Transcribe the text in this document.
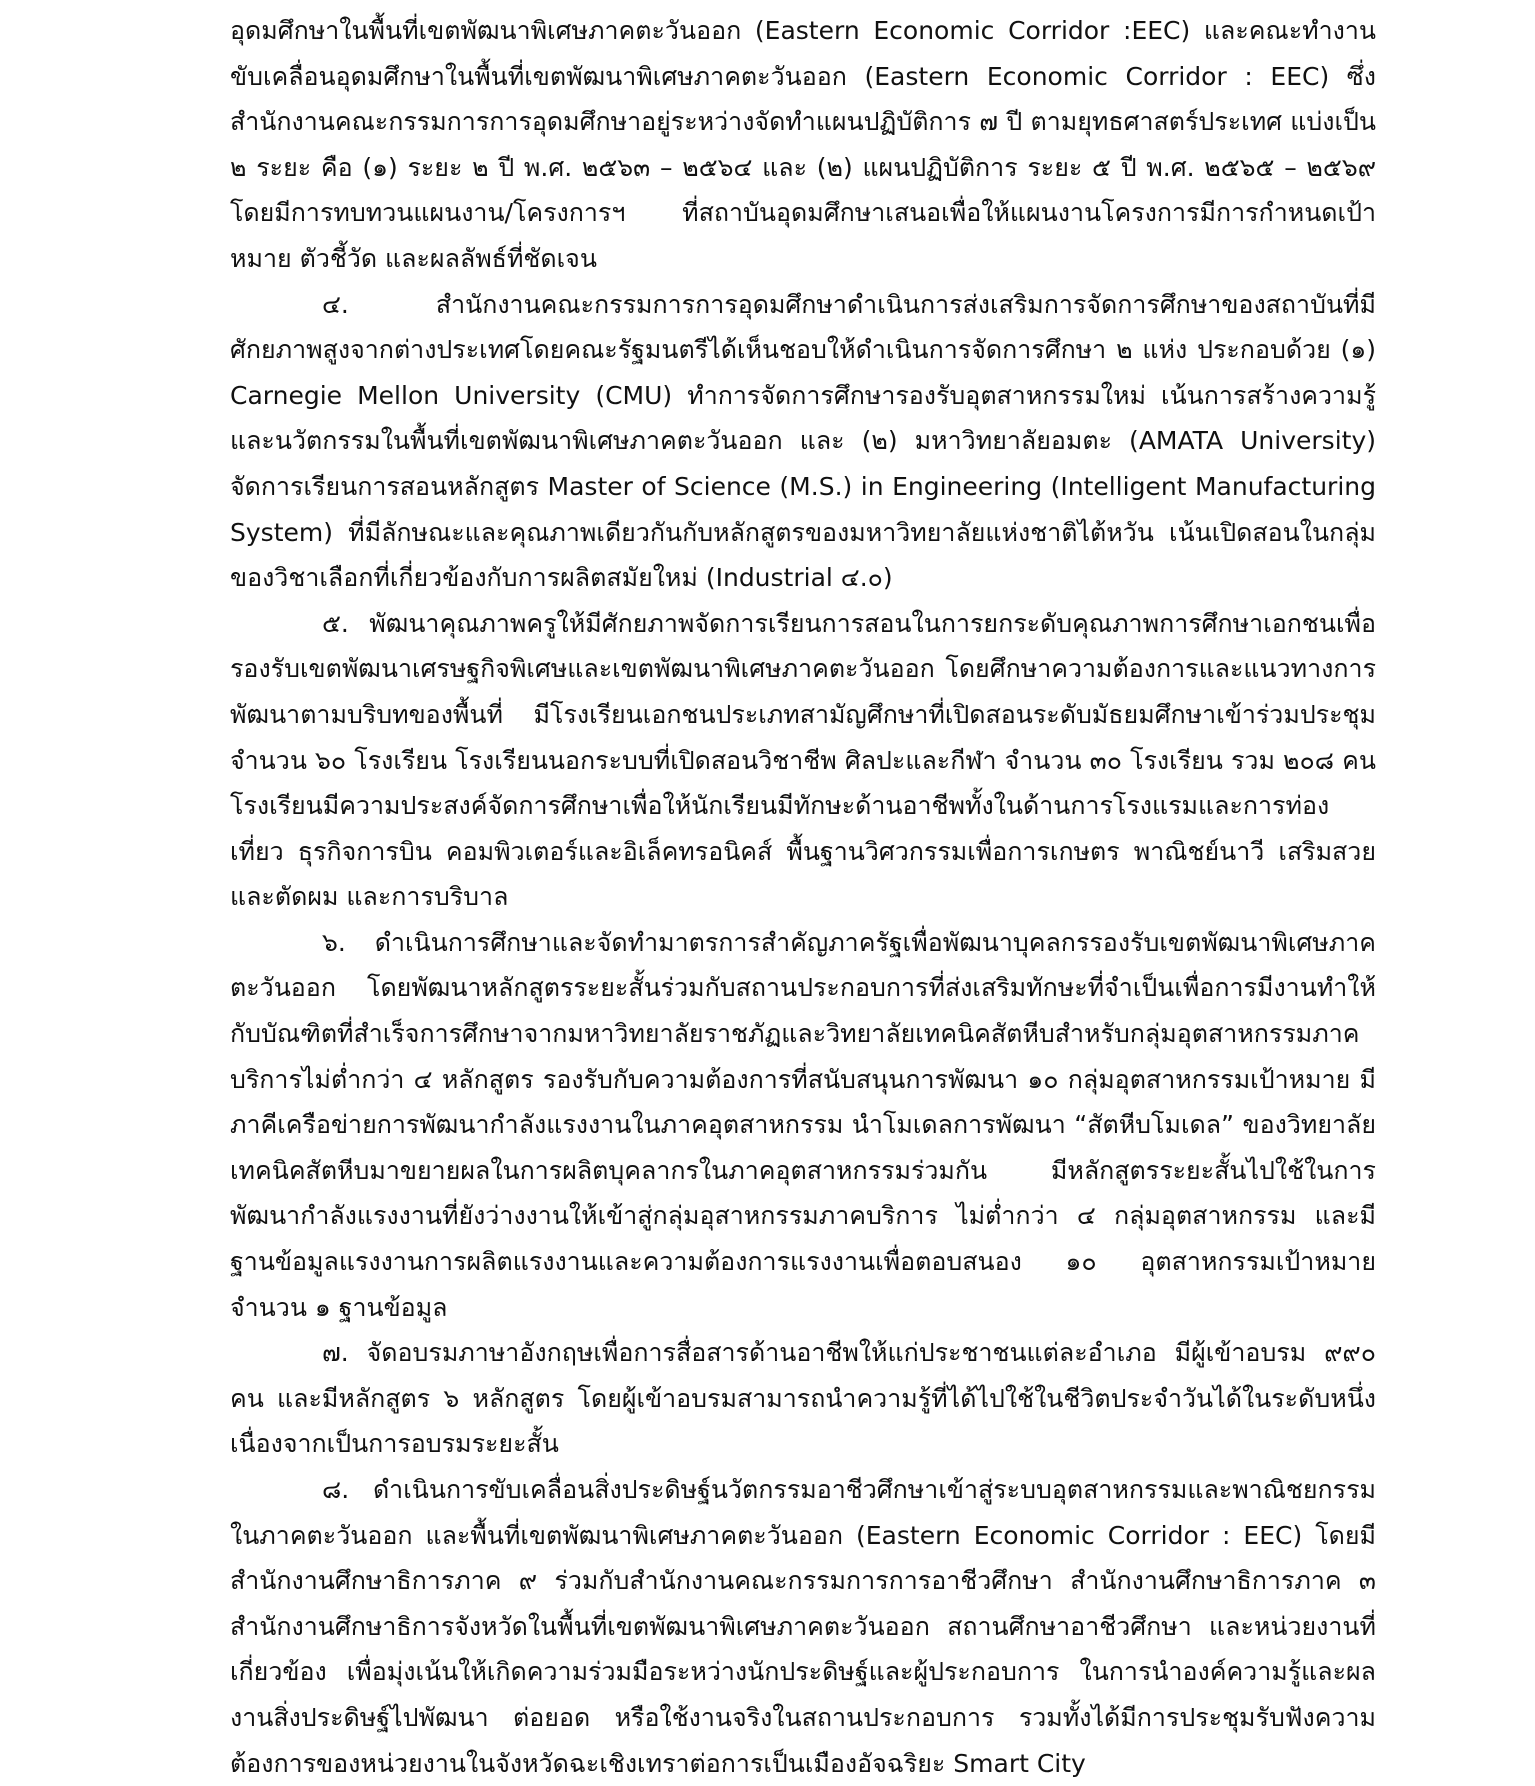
อุดมศึกษาในพื้นที่เขตพัฒนาพิเศษภาคตะวันออก (Eastern Economic Corridor :EEC) และคณะทำงานขับเคลื่อนอุดมศึกษาในพื้นที่เขตพัฒนาพิเศษภาคตะวันออก (Eastern Economic Corridor : EEC) ซึ่งสำนักงานคณะกรรมการการอุดมศึกษาอยู่ระหว่างจัดทำแผนปฏิบัติการ ๗ ปี ตามยุทธศาสตร์ประเทศ แบ่งเป็น ๒ ระยะ คือ (๑) ระยะ ๒ ปี พ.ศ. ๒๕๖๓ – ๒๕๖๔ และ (๒) แผนปฏิบัติการ ระยะ ๕ ปี พ.ศ. ๒๕๖๕ – ๒๕๖๙ โดยมีการทบทวนแผนงาน/โครงการฯ ที่สถาบันอุดมศึกษาเสนอเพื่อให้แผนงานโครงการมีการกำหนดเป้าหมาย ตัวชี้วัด และผลลัพธ์ที่ชัดเจน

๔. สำนักงานคณะกรรมการการอุดมศึกษาดำเนินการส่งเสริมการจัดการศึกษาของสถาบันที่มีศักยภาพสูงจากต่างประเทศโดยคณะรัฐมนตรีได้เห็นชอบให้ดำเนินการจัดการศึกษา ๒ แห่ง ประกอบด้วย (๑) Carnegie Mellon University (CMU) ทำการจัดการศึกษารองรับอุตสาหกรรมใหม่ เน้นการสร้างความรู้และนวัตกรรมในพื้นที่เขตพัฒนาพิเศษภาคตะวันออก และ (๒) มหาวิทยาลัยอมตะ (AMATA University) จัดการเรียนการสอนหลักสูตร Master of Science (M.S.) in Engineering (Intelligent Manufacturing System) ที่มีลักษณะและคุณภาพเดียวกันกับหลักสูตรของมหาวิทยาลัยแห่งชาติไต้หวัน เน้นเปิดสอนในกลุ่มของวิชาเลือกที่เกี่ยวข้องกับการผลิตสมัยใหม่ (Industrial ๔.๐)

๕. พัฒนาคุณภาพครูให้มีศักยภาพจัดการเรียนการสอนในการยกระดับคุณภาพการศึกษาเอกชนเพื่อรองรับเขตพัฒนาเศรษฐกิจพิเศษและเขตพัฒนาพิเศษภาคตะวันออก โดยศึกษาความต้องการและแนวทางการพัฒนาตามบริบทของพื้นที่ มีโรงเรียนเอกชนประเภทสามัญศึกษาที่เปิดสอนระดับมัธยมศึกษาเข้าร่วมประชุม จำนวน ๖๐ โรงเรียน โรงเรียนนอกระบบที่เปิดสอนวิชาชีพ ศิลปะและกีฬา จำนวน ๓๐ โรงเรียน รวม ๒๐๘ คน โรงเรียนมีความประสงค์จัดการศึกษาเพื่อให้นักเรียนมีทักษะด้านอาชีพทั้งในด้านการโรงแรมและการท่องเที่ยว ธุรกิจการบิน คอมพิวเตอร์และอิเล็คทรอนิคส์ พื้นฐานวิศวกรรมเพื่อการเกษตร พาณิชย์นาวี เสริมสวยและตัดผม และการบริบาล

๖. ดำเนินการศึกษาและจัดทำมาตรการสำคัญภาครัฐเพื่อพัฒนาบุคลกรรองรับเขตพัฒนาพิเศษภาคตะวันออก โดยพัฒนาหลักสูตรระยะสั้นร่วมกับสถานประกอบการที่ส่งเสริมทักษะที่จำเป็นเพื่อการมีงานทำให้กับบัณฑิตที่สำเร็จการศึกษาจากมหาวิทยาลัยราชภัฏและวิทยาลัยเทคนิคสัตหีบสำหรับกลุ่มอุตสาหกรรมภาคบริการไม่ต่ำกว่า ๔ หลักสูตร รองรับกับความต้องการที่สนับสนุนการพัฒนา ๑๐ กลุ่มอุตสาหกรรมเป้าหมาย มีภาคีเครือข่ายการพัฒนากำลังแรงงานในภาคอุตสาหกรรม นำโมเดลการพัฒนา “สัตหีบโมเดล” ของวิทยาลัยเทคนิคสัตหีบมาขยายผลในการผลิตบุคลากรในภาคอุตสาหกรรมร่วมกัน มีหลักสูตรระยะสั้นไปใช้ในการพัฒนากำลังแรงงานที่ยังว่างงานให้เข้าสู่กลุ่มอุสาหกรรมภาคบริการ ไม่ต่ำกว่า ๔ กลุ่มอุตสาหกรรม และมีฐานข้อมูลแรงงานการผลิตแรงงานและความต้องการแรงงานเพื่อตอบสนอง ๑๐ อุตสาหกรรมเป้าหมาย จำนวน ๑ ฐานข้อมูล

๗. จัดอบรมภาษาอังกฤษเพื่อการสื่อสารด้านอาชีพให้แก่ประชาชนแต่ละอำเภอ มีผู้เข้าอบรม ๙๙๐ คน และมีหลักสูตร ๖ หลักสูตร โดยผู้เข้าอบรมสามารถนำความรู้ที่ได้ไปใช้ในชีวิตประจำวันได้ในระดับหนึ่ง เนื่องจากเป็นการอบรมระยะสั้น

๘. ดำเนินการขับเคลื่อนสิ่งประดิษฐ์นวัตกรรมอาชีวศึกษาเข้าสู่ระบบอุตสาหกรรมและพาณิชยกรรมในภาคตะวันออก และพื้นที่เขตพัฒนาพิเศษภาคตะวันออก (Eastern Economic Corridor : EEC) โดยมีสำนักงานศึกษาธิการภาค ๙ ร่วมกับสำนักงานคณะกรรมการการอาชีวศึกษา สำนักงานศึกษาธิการภาค ๓ สำนักงานศึกษาธิการจังหวัดในพื้นที่เขตพัฒนาพิเศษภาคตะวันออก สถานศึกษาอาชีวศึกษา และหน่วยงานที่เกี่ยวข้อง เพื่อมุ่งเน้นให้เกิดความร่วมมือระหว่างนักประดิษฐ์และผู้ประกอบการ ในการนำองค์ความรู้และผลงานสิ่งประดิษฐ์ไปพัฒนา ต่อยอด หรือใช้งานจริงในสถานประกอบการ รวมทั้งได้มีการประชุมรับฟังความต้องการของหน่วยงานในจังหวัดฉะเชิงเทราต่อการเป็นเมืองอัจฉริยะ Smart City
